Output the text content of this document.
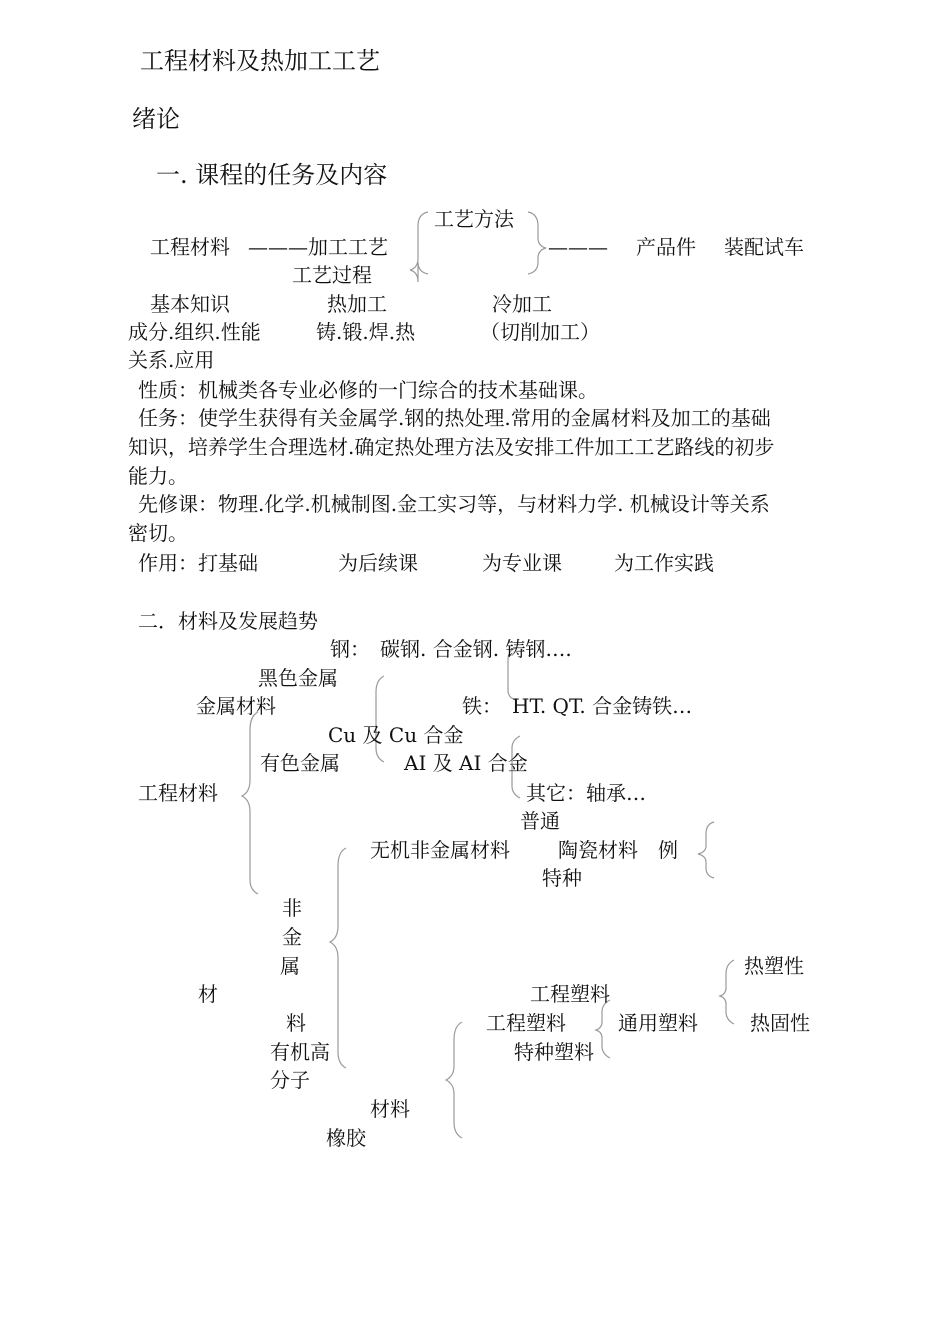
工程材料及热加工工艺
绪论
一. 课程的任务及内容
工艺方法
工程材料 ———加工工艺	——— 产品件 装配试车
工艺过程
基本知识	热加工	冷加工
成分.组织.性能	铸.锻.焊.热	（切削加工）
关系.应用
性质：机械类各专业必修的一门综合的技术基础课。
任务：使学生获得有关金属学.钢的热处理.常用的金属材料及加工的基础
知识，培养学生合理选材.确定热处理方法及安排工件加工工艺路线的初步
能力。
先修课：物理.化学.机械制图.金工实习等，与材料力学. 机械设计等关系
密切。
作用：打基础	为后续课	为专业课	为工作实践
二．材料及发展趋势
钢：　碳钢. 合金钢. 铸钢….
黑色金属
金属材料	铁：　HT. QT. 合金铸铁…
Cu 及 Cu 合金
有色金属	AI 及 AI 合金
工程材料	其它：轴承…
普通
无机非金属材料 陶瓷材料 例
特种
非
金
属	热塑性
材	工程塑料
料	工程塑料	通用塑料	热固性
有机高	特种塑料
分子
材料
橡胶
